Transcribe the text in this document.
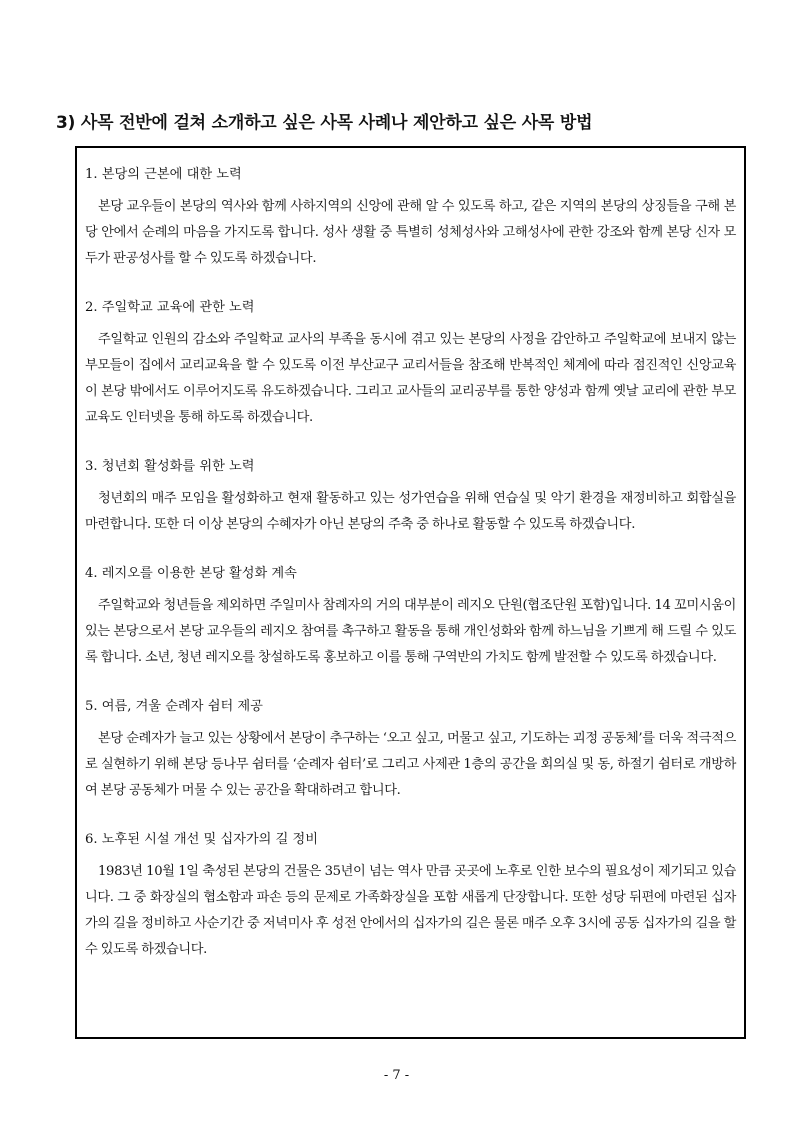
3) 사목 전반에 걸쳐 소개하고 싶은 사목 사례나 제안하고 싶은 사목 방법

1. 본당의 근본에 대한 노력

본당 교우들이 본당의 역사와 함께 사하지역의 신앙에 관해 알 수 있도록 하고, 같은 지역의 본당의 상징들을 구해 본당 안에서 순례의 마음을 가지도록 합니다. 성사 생활 중 특별히 성체성사와 고해성사에 관한 강조와 함께 본당 신자 모두가 판공성사를 할 수 있도록 하겠습니다.

2. 주일학교 교육에 관한 노력

주일학교 인원의 감소와 주일학교 교사의 부족을 동시에 겪고 있는 본당의 사정을 감안하고 주일학교에 보내지 않는 부모들이 집에서 교리교육을 할 수 있도록 이전 부산교구 교리서들을 참조해 반복적인 체계에 따라 점진적인 신앙교육이 본당 밖에서도 이루어지도록 유도하겠습니다. 그리고 교사들의 교리공부를 통한 양성과 함께 옛날 교리에 관한 부모 교육도 인터넷을 통해 하도록 하겠습니다.

3. 청년회 활성화를 위한 노력

청년회의 매주 모임을 활성화하고 현재 활동하고 있는 성가연습을 위해 연습실 및 악기 환경을 재정비하고 회합실을 마련합니다. 또한 더 이상 본당의 수혜자가 아닌 본당의 주축 중 하나로 활동할 수 있도록 하겠습니다.

4. 레지오를 이용한 본당 활성화 계속

주일학교와 청년들을 제외하면 주일미사 참례자의 거의 대부분이 레지오 단원(협조단원 포함)입니다. 14 꼬미시움이 있는 본당으로서 본당 교우들의 레지오 참여를 촉구하고 활동을 통해 개인성화와 함께 하느님을 기쁘게 해 드릴 수 있도록 합니다. 소년, 청년 레지오를 창설하도록 홍보하고 이를 통해 구역반의 가치도 함께 발전할 수 있도록 하겠습니다.

5. 여름, 겨울 순례자 쉼터 제공

본당 순례자가 늘고 있는 상황에서 본당이 추구하는 ‘오고 싶고, 머물고 싶고, 기도하는 괴정 공동체’를 더욱 적극적으로 실현하기 위해 본당 등나무 쉼터를 ‘순례자 쉼터’로 그리고 사제관 1층의 공간을 회의실 및 동, 하절기 쉼터로 개방하여 본당 공동체가 머물 수 있는 공간을 확대하려고 합니다.

6. 노후된 시설 개선 및 십자가의 길 정비

1983년 10월 1일 축성된 본당의 건물은 35년이 넘는 역사 만큼 곳곳에 노후로 인한 보수의 필요성이 제기되고 있습니다. 그 중 화장실의 협소함과 파손 등의 문제로 가족화장실을 포함 새롭게 단장합니다. 또한 성당 뒤편에 마련된 십자가의 길을 정비하고 사순기간 중 저녁미사 후 성전 안에서의 십자가의 길은 물론 매주 오후 3시에 공동 십자가의 길을 할 수 있도록 하겠습니다.

- 7 -
